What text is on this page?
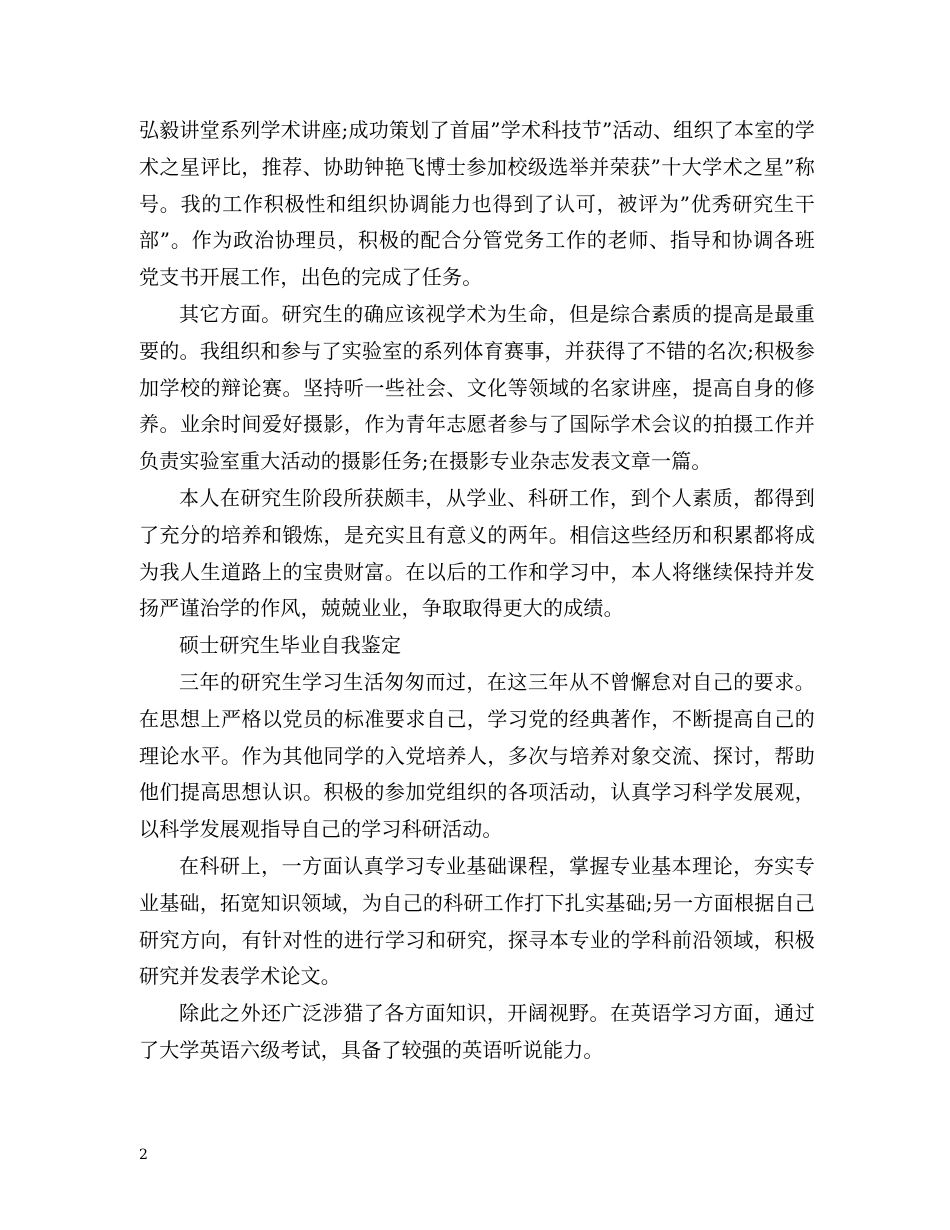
弘毅讲堂系列学术讲座;成功策划了首届”学术科技节”活动、组织了本室的学术之星评比，推荐、协助钟艳飞博士参加校级选举并荣获”十大学术之星”称号。我的工作积极性和组织协调能力也得到了认可，被评为”优秀研究生干部”。作为政治协理员，积极的配合分管党务工作的老师、指导和协调各班党支书开展工作，出色的完成了任务。

其它方面。研究生的确应该视学术为生命，但是综合素质的提高是最重要的。我组织和参与了实验室的系列体育赛事，并获得了不错的名次;积极参加学校的辩论赛。坚持听一些社会、文化等领域的名家讲座，提高自身的修养。业余时间爱好摄影，作为青年志愿者参与了国际学术会议的拍摄工作并负责实验室重大活动的摄影任务;在摄影专业杂志发表文章一篇。

本人在研究生阶段所获颇丰，从学业、科研工作，到个人素质，都得到了充分的培养和锻炼，是充实且有意义的两年。相信这些经历和积累都将成为我人生道路上的宝贵财富。在以后的工作和学习中，本人将继续保持并发扬严谨治学的作风，兢兢业业，争取取得更大的成绩。

硕士研究生毕业自我鉴定

三年的研究生学习生活匆匆而过，在这三年从不曾懈怠对自己的要求。在思想上严格以党员的标准要求自己，学习党的经典著作，不断提高自己的理论水平。作为其他同学的入党培养人，多次与培养对象交流、探讨，帮助他们提高思想认识。积极的参加党组织的各项活动，认真学习科学发展观，以科学发展观指导自己的学习科研活动。

在科研上，一方面认真学习专业基础课程，掌握专业基本理论，夯实专业基础，拓宽知识领域，为自己的科研工作打下扎实基础;另一方面根据自己研究方向，有针对性的进行学习和研究，探寻本专业的学科前沿领域，积极研究并发表学术论文。

除此之外还广泛涉猎了各方面知识，开阔视野。在英语学习方面，通过了大学英语六级考试，具备了较强的英语听说能力。

2
